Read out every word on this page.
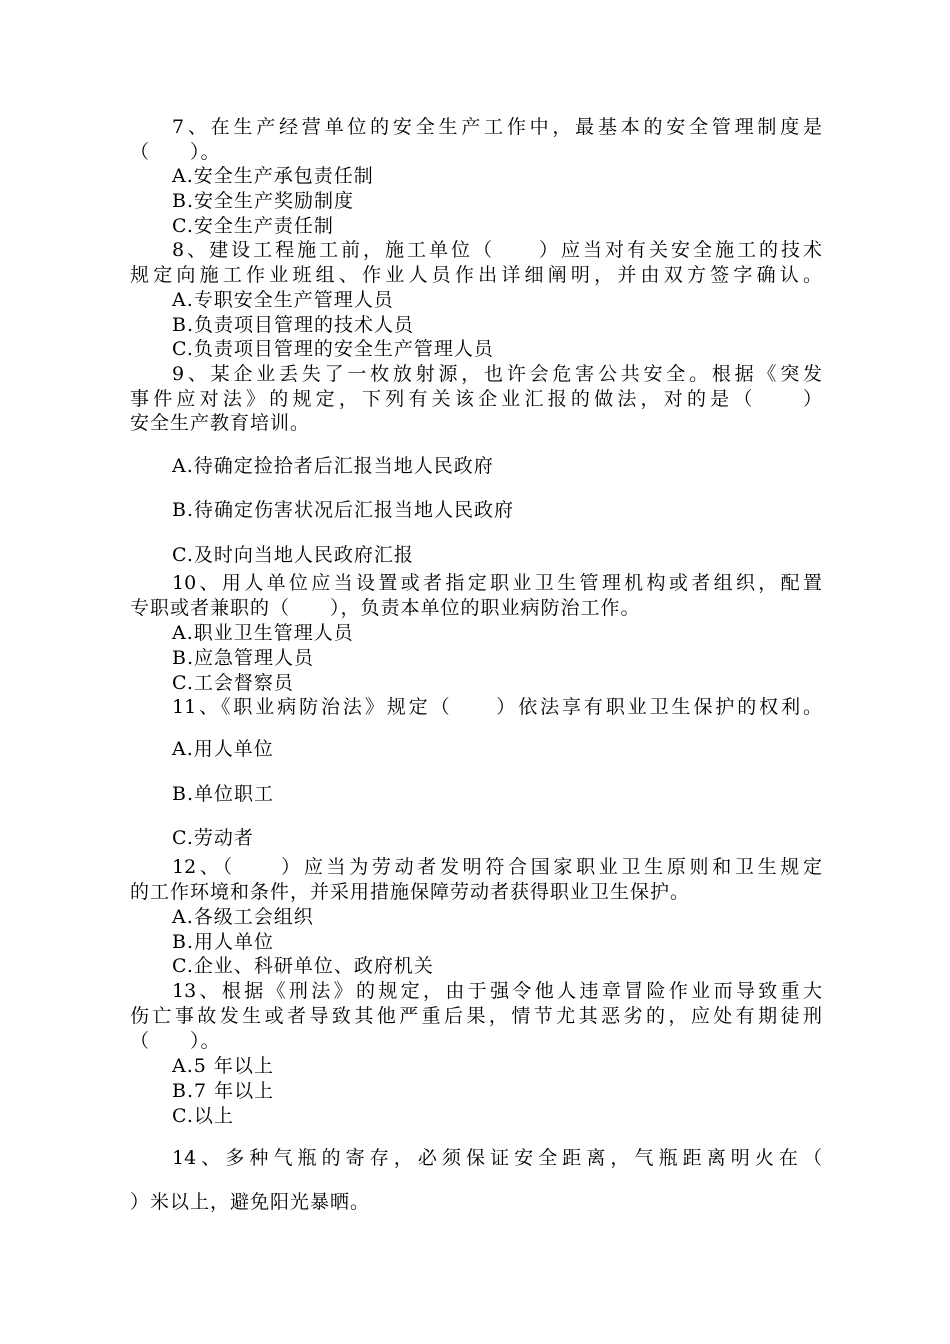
7、在生产经营单位的安全生产工作中，最基本的安全管理制度是
（　　）。
A.安全生产承包责任制
B.安全生产奖励制度
C.安全生产责任制
8、建设工程施工前，施工单位（　　）应当对有关安全施工的技术
规定向施工作业班组、作业人员作出详细阐明，并由双方签字确认。
A.专职安全生产管理人员
B.负责项目管理的技术人员
C.负责项目管理的安全生产管理人员
9、某企业丢失了一枚放射源，也许会危害公共安全。根据《突发
事件应对法》的规定，下列有关该企业汇报的做法，对的是（　　）
安全生产教育培训。
A.待确定捡拾者后汇报当地人民政府
B.待确定伤害状况后汇报当地人民政府
C.及时向当地人民政府汇报
10、用人单位应当设置或者指定职业卫生管理机构或者组织，配置
专职或者兼职的（　　），负责本单位的职业病防治工作。
A.职业卫生管理人员
B.应急管理人员
C.工会督察员
11、《职业病防治法》规定（　　）依法享有职业卫生保护的权利。
A.用人单位
B.单位职工
C.劳动者
12、（　　）应当为劳动者发明符合国家职业卫生原则和卫生规定
的工作环境和条件，并采用措施保障劳动者获得职业卫生保护。
A.各级工会组织
B.用人单位
C.企业、科研单位、政府机关
13、根据《刑法》的规定，由于强令他人违章冒险作业而导致重大
伤亡事故发生或者导致其他严重后果，情节尤其恶劣的，应处有期徒刑
（　　）。
A.5 年以上
B.7 年以上
C.以上
14、多种气瓶的寄存，必须保证安全距离，气瓶距离明火在（
）米以上，避免阳光暴晒。
